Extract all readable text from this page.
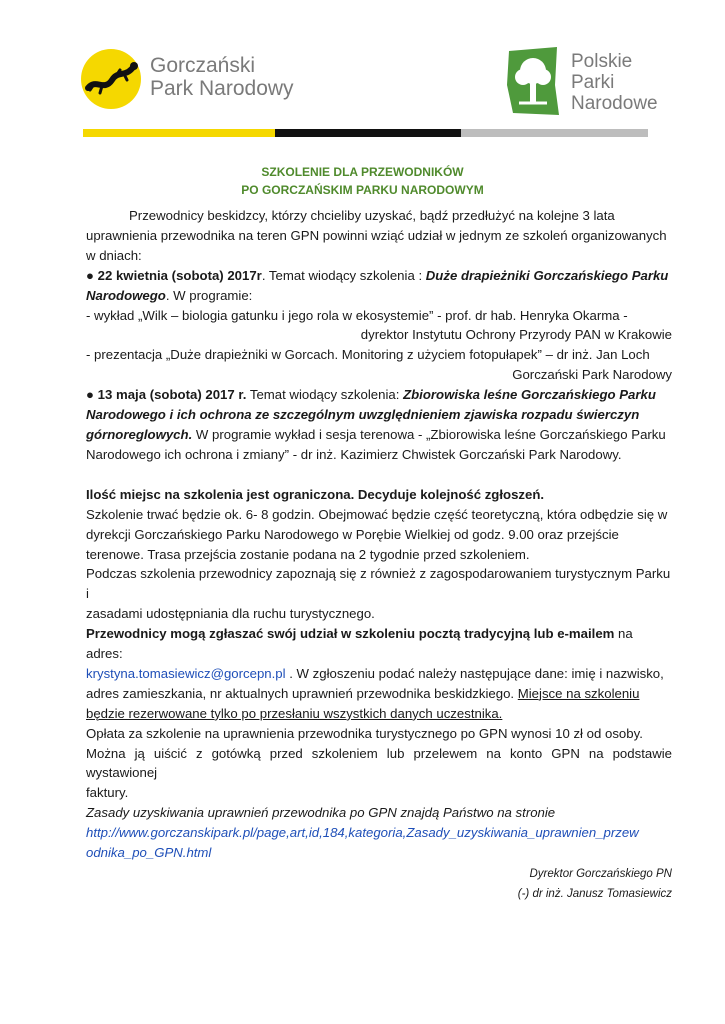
Gorczański
Park Narodowy
Polskie
Parki
Narodowe
SZKOLENIE DLA PRZEWODNIKÓW
PO GORCZAŃSKIM PARKU NARODOWYM

Przewodnicy beskidzcy, którzy chcieliby uzyskać, bądź przedłużyć na kolejne 3 lata

uprawnienia przewodnika na teren GPN powinni wziąć udział w jednym ze szkoleń organizowanych

w dniach:

● 22 kwietnia (sobota) 2017r. Temat wiodący szkolenia : Duże drapieżniki Gorczańskiego Parku

Narodowego. W programie:

- wykład „Wilk – biologia gatunku i jego rola w ekosystemie” - prof. dr hab. Henryka Okarma -

dyrektor Instytutu Ochrony Przyrody PAN w Krakowie

- prezentacja „Duże drapieżniki w Gorcach. Monitoring z użyciem fotopułapek” – dr inż. Jan Loch

Gorczański Park Narodowy

● 13 maja (sobota) 2017 r. Temat wiodący szkolenia: Zbiorowiska leśne Gorczańskiego Parku

Narodowego i ich ochrona ze szczególnym uwzględnieniem zjawiska rozpadu świerczyn

górnoreglowych. W programie wykład i sesja terenowa - „Zbiorowiska leśne Gorczańskiego Parku

Narodowego ich ochrona i zmiany” - dr inż. Kazimierz Chwistek Gorczański Park Narodowy.

Ilość miejsc na szkolenia jest ograniczona. Decyduje kolejność zgłoszeń.

Szkolenie trwać będzie ok. 6- 8 godzin. Obejmować będzie część teoretyczną, która odbędzie się w

dyrekcji Gorczańskiego Parku Narodowego w Porębie Wielkiej od godz. 9.00 oraz przejście

terenowe. Trasa przejścia zostanie podana na 2 tygodnie przed szkoleniem.

Podczas szkolenia przewodnicy zapoznają się z również z zagospodarowaniem turystycznym Parku i

zasadami udostępniania dla ruchu turystycznego.

Przewodnicy mogą zgłaszać swój udział w szkoleniu pocztą tradycyjną lub e-mailem na adres:

krystyna.tomasiewicz@gorcepn.pl . W zgłoszeniu podać należy następujące dane: imię i nazwisko,

adres zamieszkania, nr aktualnych uprawnień przewodnika beskidzkiego. Miejsce na szkoleniu

będzie rezerwowane tylko po przesłaniu wszystkich danych uczestnika.

Opłata za szkolenie na uprawnienia przewodnika turystycznego po GPN wynosi 10 zł od osoby.

Można ją uiścić z gotówką przed szkoleniem lub przelewem na konto GPN na podstawie wystawionej

faktury.

Zasady uzyskiwania uprawnień przewodnika po GPN znajdą Państwo na stronie

http://www.gorczanskipark.pl/page,art,id,184,kategoria,Zasady_uzyskiwania_uprawnien_przew

odnika_po_GPN.html

Dyrektor Gorczańskiego PN
(-) dr inż. Janusz Tomasiewicz
